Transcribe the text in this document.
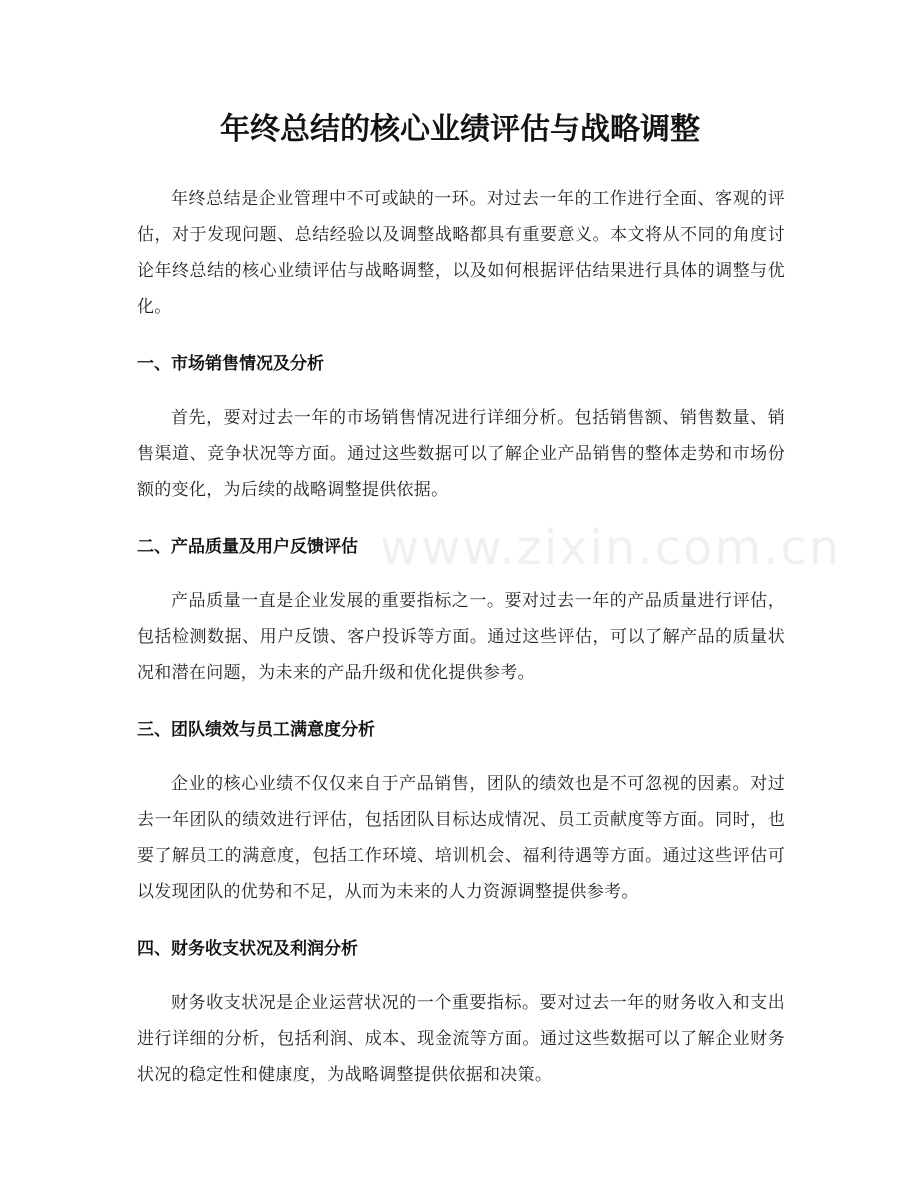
年终总结的核心业绩评估与战略调整
www.zixin.com.cn

年终总结是企业管理中不可或缺的一环。对过去一年的工作进行全面、客观的评估，对于发现问题、总结经验以及调整战略都具有重要意义。本文将从不同的角度讨论年终总结的核心业绩评估与战略调整，以及如何根据评估结果进行具体的调整与优化。

一、市场销售情况及分析

首先，要对过去一年的市场销售情况进行详细分析。包括销售额、销售数量、销售渠道、竞争状况等方面。通过这些数据可以了解企业产品销售的整体走势和市场份额的变化，为后续的战略调整提供依据。

二、产品质量及用户反馈评估

产品质量一直是企业发展的重要指标之一。要对过去一年的产品质量进行评估，包括检测数据、用户反馈、客户投诉等方面。通过这些评估，可以了解产品的质量状况和潜在问题，为未来的产品升级和优化提供参考。

三、团队绩效与员工满意度分析

企业的核心业绩不仅仅来自于产品销售，团队的绩效也是不可忽视的因素。对过去一年团队的绩效进行评估，包括团队目标达成情况、员工贡献度等方面。同时，也要了解员工的满意度，包括工作环境、培训机会、福利待遇等方面。通过这些评估可以发现团队的优势和不足，从而为未来的人力资源调整提供参考。

四、财务收支状况及利润分析

财务收支状况是企业运营状况的一个重要指标。要对过去一年的财务收入和支出进行详细的分析，包括利润、成本、现金流等方面。通过这些数据可以了解企业财务状况的稳定性和健康度，为战略调整提供依据和决策。
